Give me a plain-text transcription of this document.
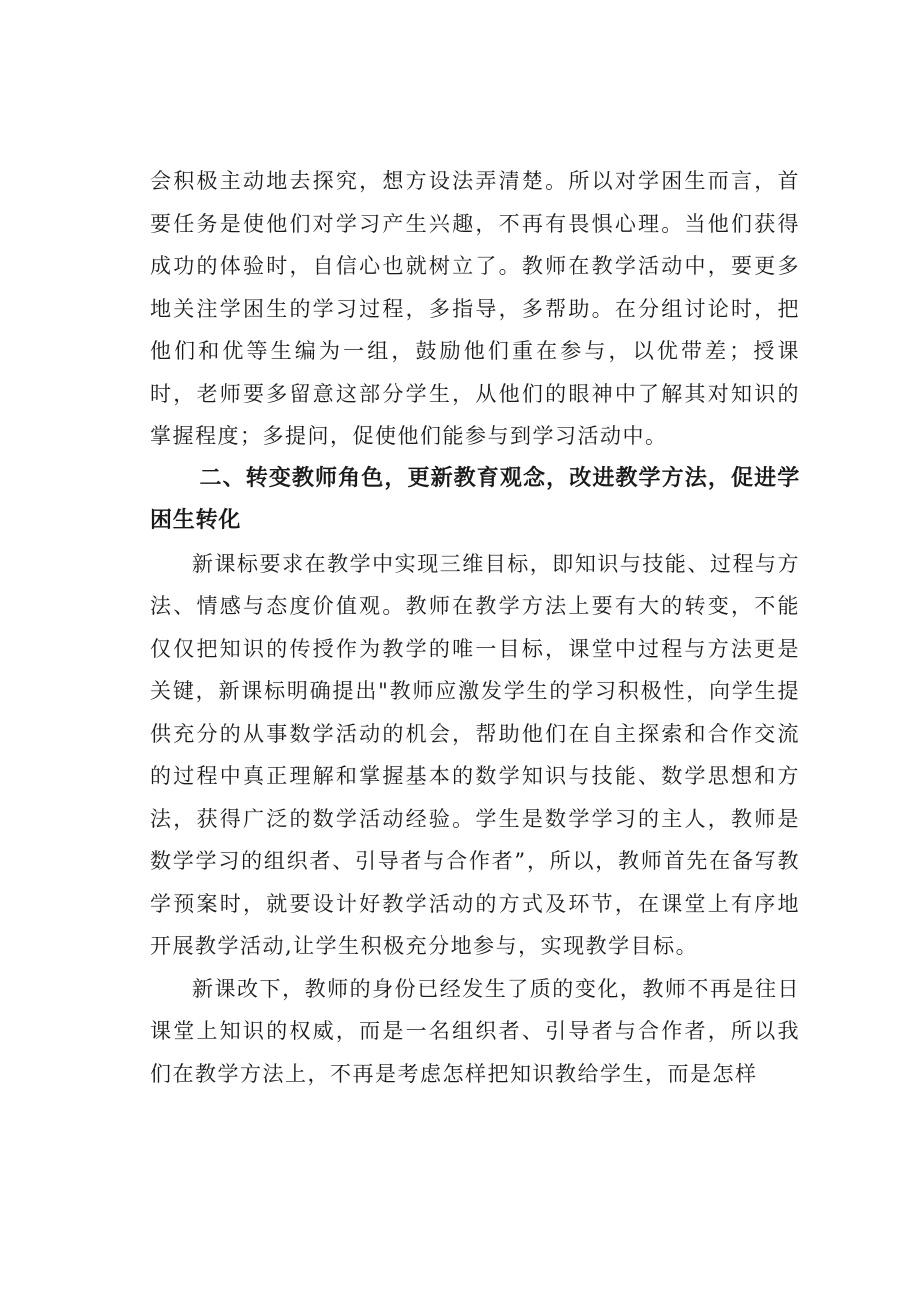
会积极主动地去探究，想方设法弄清楚。所以对学困生而言，首要任务是使他们对学习产生兴趣，不再有畏惧心理。当他们获得成功的体验时，自信心也就树立了。教师在教学活动中，要更多地关注学困生的学习过程，多指导，多帮助。在分组讨论时，把他们和优等生编为一组，鼓励他们重在参与，以优带差；授课时，老师要多留意这部分学生，从他们的眼神中了解其对知识的掌握程度；多提问，促使他们能参与到学习活动中。

二、转变教师角色，更新教育观念，改进教学方法，促进学困生转化

新课标要求在教学中实现三维目标，即知识与技能、过程与方法、情感与态度价值观。教师在教学方法上要有大的转变，不能仅仅把知识的传授作为教学的唯一目标，课堂中过程与方法更是关键，新课标明确提出"教师应激发学生的学习积极性，向学生提供充分的从事数学活动的机会，帮助他们在自主探索和合作交流的过程中真正理解和掌握基本的数学知识与技能、数学思想和方法，获得广泛的数学活动经验。学生是数学学习的主人，教师是数学学习的组织者、引导者与合作者”，所以，教师首先在备写教学预案时，就要设计好教学活动的方式及环节，在课堂上有序地开展教学活动,让学生积极充分地参与，实现教学目标。

新课改下，教师的身份已经发生了质的变化，教师不再是往日课堂上知识的权威，而是一名组织者、引导者与合作者，所以我们在教学方法上，不再是考虑怎样把知识教给学生，而是怎样
